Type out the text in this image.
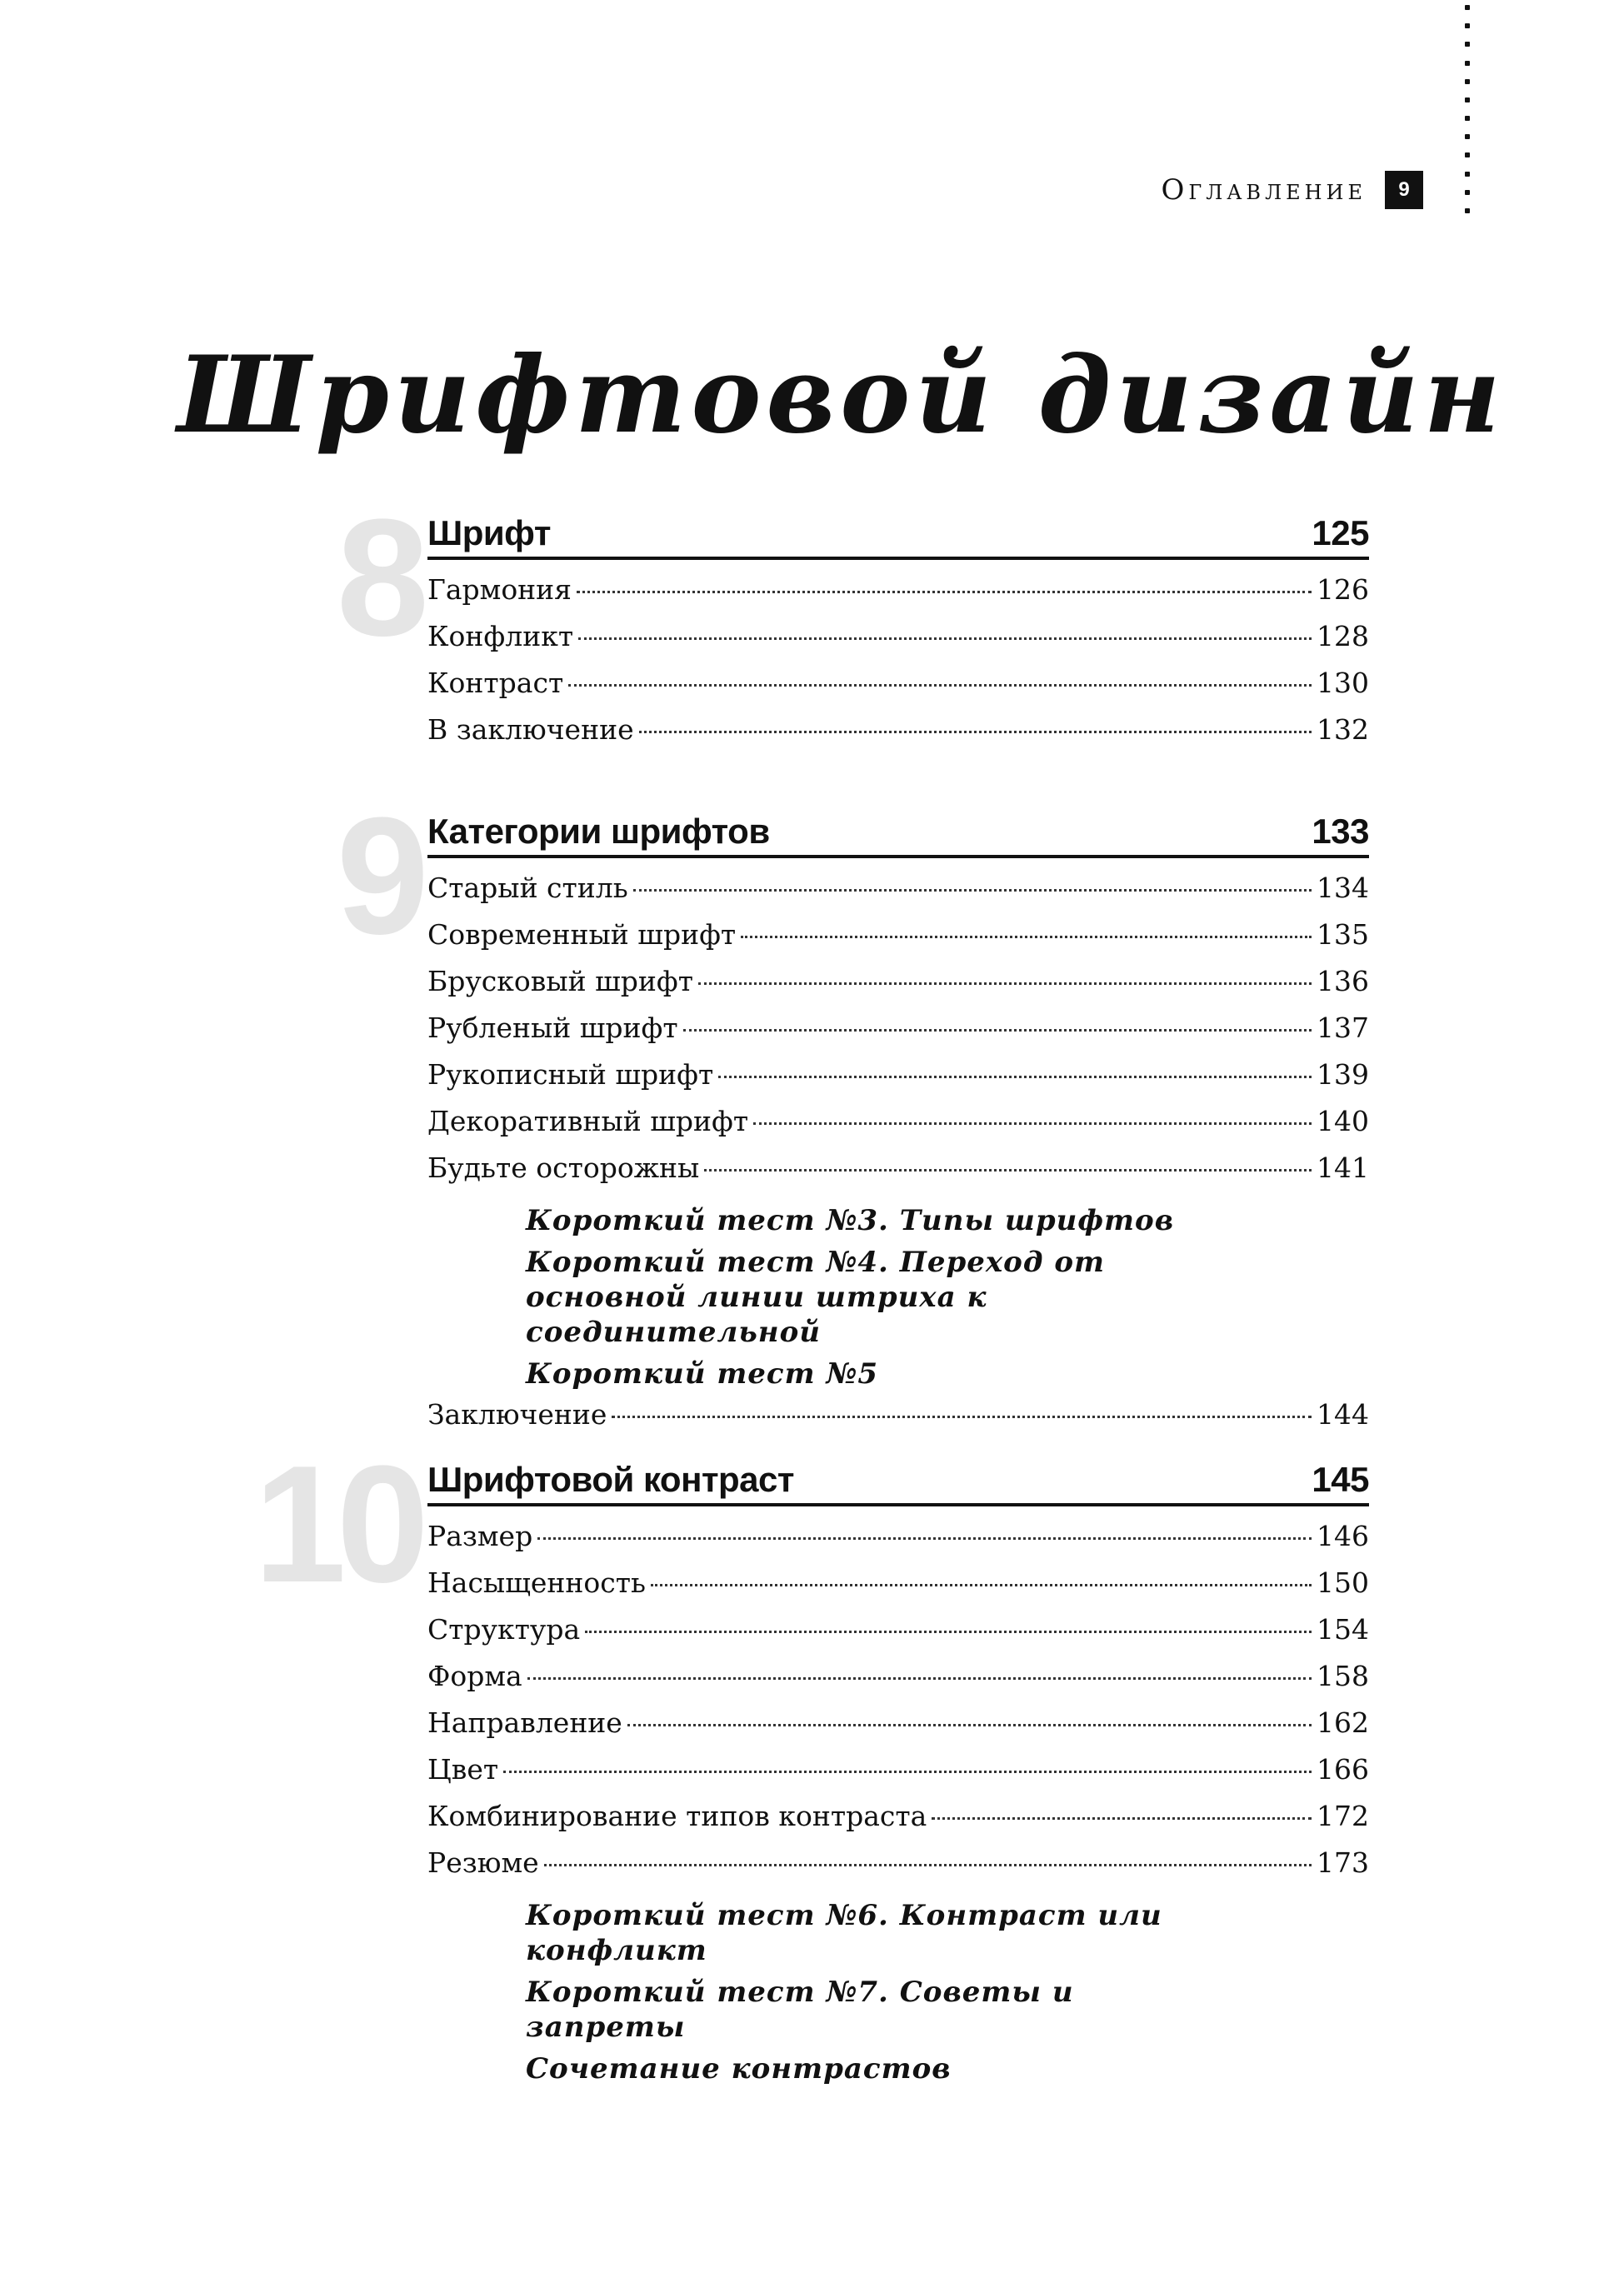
Оглавление	9
Шрифтовой дизайн
8 Шрифт	125
Гармония	126
Конфликт	128
Контраст	130
В заключение	132
9 Категории шрифтов	133
Старый стиль	134
Современный шрифт	135
Брусковый шрифт	136
Рубленый шрифт	137
Рукописный шрифт	139
Декоративный шрифт	140
Будьте осторожны	141
Короткий тест №3. Типы шрифтов
Короткий тест №4. Переход от основной линии штриха к соединительной
Короткий тест №5
Заключение	144
10 Шрифтовой контраст	145
Размер	146
Насыщенность	150
Структура	154
Форма	158
Направление	162
Цвет	166
Комбинирование типов контраста	172
Резюме	173
Короткий тест №6. Контраст или конфликт
Короткий тест №7. Советы и запреты
Сочетание контрастов
